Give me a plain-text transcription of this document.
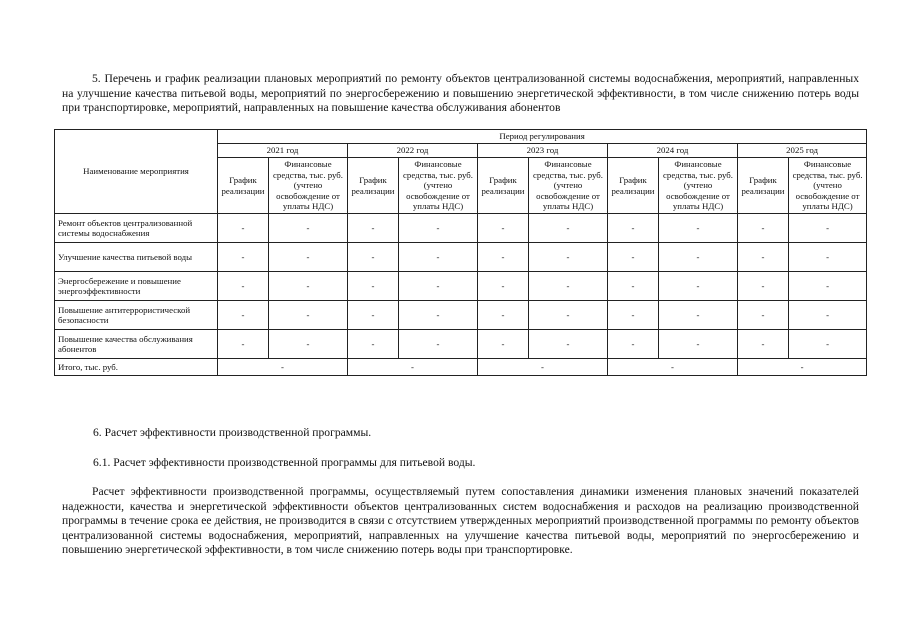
5. Перечень и график реализации плановых мероприятий по ремонту объектов централизованной системы водоснабжения, мероприятий, направленных на улучшение качества питьевой воды, мероприятий по энергосбережению и повышению энергетической эффективности, в том числе снижению потерь воды при транспортировке, мероприятий, направленных на повышение качества обслуживания абонентов

Наименование мероприятия	Период регулирования									
	2021 год		2022 год		2023 год		2024 год		2025 год	
	График реализации	Финансовые средства, тыс. руб. (учтено освобождение от уплаты НДС)	График реализации	Финансовые средства, тыс. руб. (учтено освобождение от уплаты НДС)	График реализации	Финансовые средства, тыс. руб. (учтено освобождение от уплаты НДС)	График реализации	Финансовые средства, тыс. руб. (учтено освобождение от уплаты НДС)	График реализации	Финансовые средства, тыс. руб. (учтено освобождение от уплаты НДС)
Ремонт объектов централизованной системы водоснабжения	-	-	-	-	-	-	-	-	-	-
Улучшение качества питьевой воды	-	-	-	-	-	-	-	-	-	-
Энергосбережение и повышение энергоэффективности	-	-	-	-	-	-	-	-	-	-
Повышение антитеррористической безопасности	-	-	-	-	-	-	-	-	-	-
Повышение качества обслуживания абонентов	-	-	-	-	-	-	-	-	-	-
Итого, тыс. руб.	-		-		-		-		-	

6. Расчет эффективности производственной программы.

6.1. Расчет эффективности производственной программы для питьевой воды.

Расчет эффективности производственной программы, осуществляемый путем сопоставления динамики изменения плановых значений показателей надежности, качества и энергетической эффективности объектов централизованных систем водоснабжения и расходов на реализацию производственной программы в течение срока ее действия, не производится в связи с отсутствием утвержденных мероприятий производственной программы по ремонту объектов централизованной системы водоснабжения, мероприятий, направленных на улучшение качества питьевой воды, мероприятий по энергосбережению и повышению энергетической эффективности, в том числе снижению потерь воды при транспортировке.
